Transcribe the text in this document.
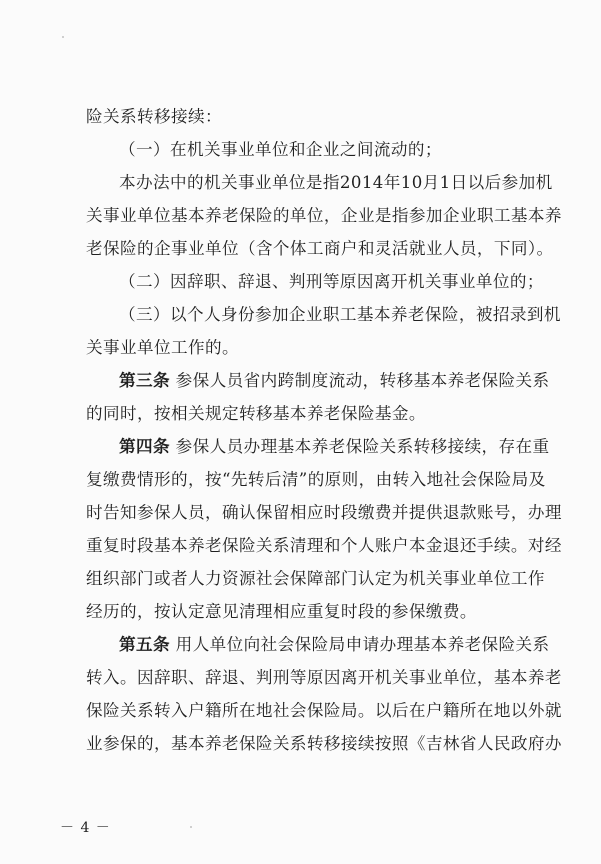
险关系转移接续：
（一）在机关事业单位和企业之间流动的；
本办法中的机关事业单位是指2014年10月1日以后参加机
关事业单位基本养老保险的单位，企业是指参加企业职工基本养
老保险的企事业单位（含个体工商户和灵活就业人员，下同）。
（二）因辞职、辞退、判刑等原因离开机关事业单位的；
（三）以个人身份参加企业职工基本养老保险，被招录到机
关事业单位工作的。
第三条 参保人员省内跨制度流动，转移基本养老保险关系
的同时，按相关规定转移基本养老保险基金。
第四条 参保人员办理基本养老保险关系转移接续，存在重
复缴费情形的，按“先转后清”的原则，由转入地社会保险局及
时告知参保人员，确认保留相应时段缴费并提供退款账号，办理
重复时段基本养老保险关系清理和个人账户本金退还手续。对经
组织部门或者人力资源社会保障部门认定为机关事业单位工作
经历的，按认定意见清理相应重复时段的参保缴费。
第五条 用人单位向社会保险局申请办理基本养老保险关系
转入。因辞职、辞退、判刑等原因离开机关事业单位，基本养老
保险关系转入户籍所在地社会保险局。以后在户籍所在地以外就
业参保的，基本养老保险关系转移接续按照《吉林省人民政府办
－ 4 －
